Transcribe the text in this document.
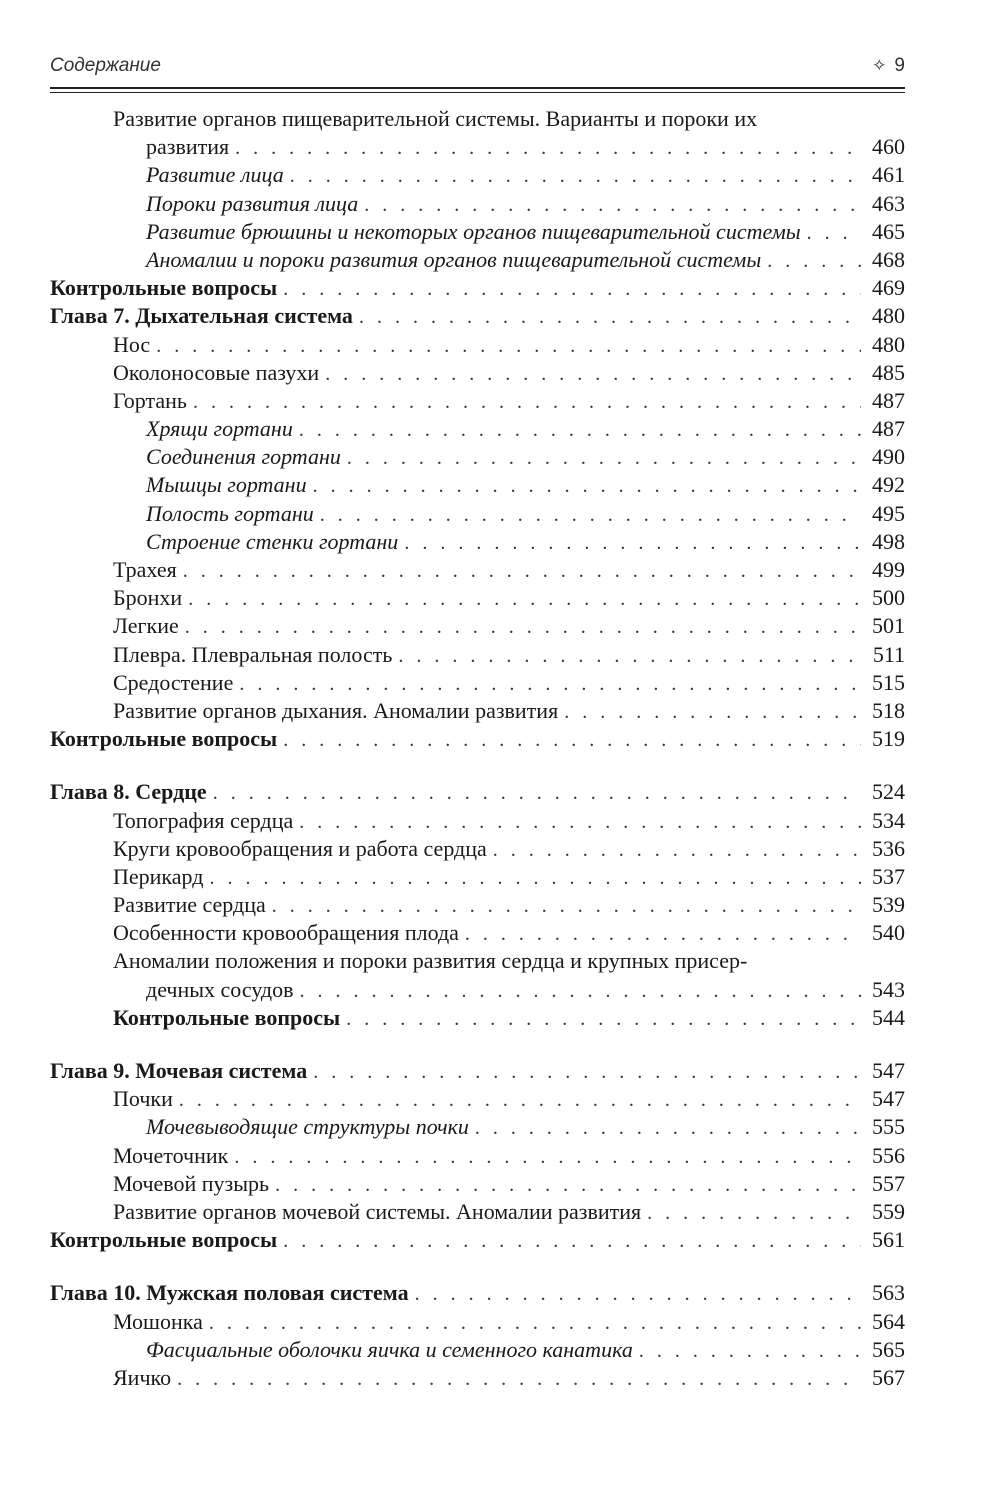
Содержание	✧ 9
Развитие органов пищеварительной системы. Варианты и пороки их
развития . . .	460
Развитие лица . . .	461
Пороки развития лица . . .	463
Развитие брюшины и некоторых органов пищеварительной системы . . .	465
Аномалии и пороки развития органов пищеварительной системы . . .	468
Контрольные вопросы . . .	469
Глава 7. Дыхательная система . . .	480
Нос . . .	480
Околоносовые пазухи . . .	485
Гортань . . .	487
Хрящи гортани . . .	487
Соединения гортани . . .	490
Мышцы гортани . . .	492
Полость гортани . . .	495
Строение стенки гортани . . .	498
Трахея . . .	499
Бронхи . . .	500
Легкие . . .	501
Плевра. Плевральная полость . . .	511
Средостение . . .	515
Развитие органов дыхания. Аномалии развития . . .	518
Контрольные вопросы . . .	519
Глава 8. Сердце . . .	524
Топография сердца . . .	534
Круги кровообращения и работа сердца . . .	536
Перикард . . .	537
Развитие сердца . . .	539
Особенности кровообращения плода . . .	540
Аномалии положения и пороки развития сердца и крупных присер-
дечных сосудов . . .	543
Контрольные вопросы . . .	544
Глава 9. Мочевая система . . .	547
Почки . . .	547
Мочевыводящие структуры почки . . .	555
Мочеточник . . .	556
Мочевой пузырь . . .	557
Развитие органов мочевой системы. Аномалии развития . . .	559
Контрольные вопросы . . .	561
Глава 10. Мужская половая система . . .	563
Мошонка . . .	564
Фасциальные оболочки яичка и семенного канатика . . .	565
Яичко . . .	567
